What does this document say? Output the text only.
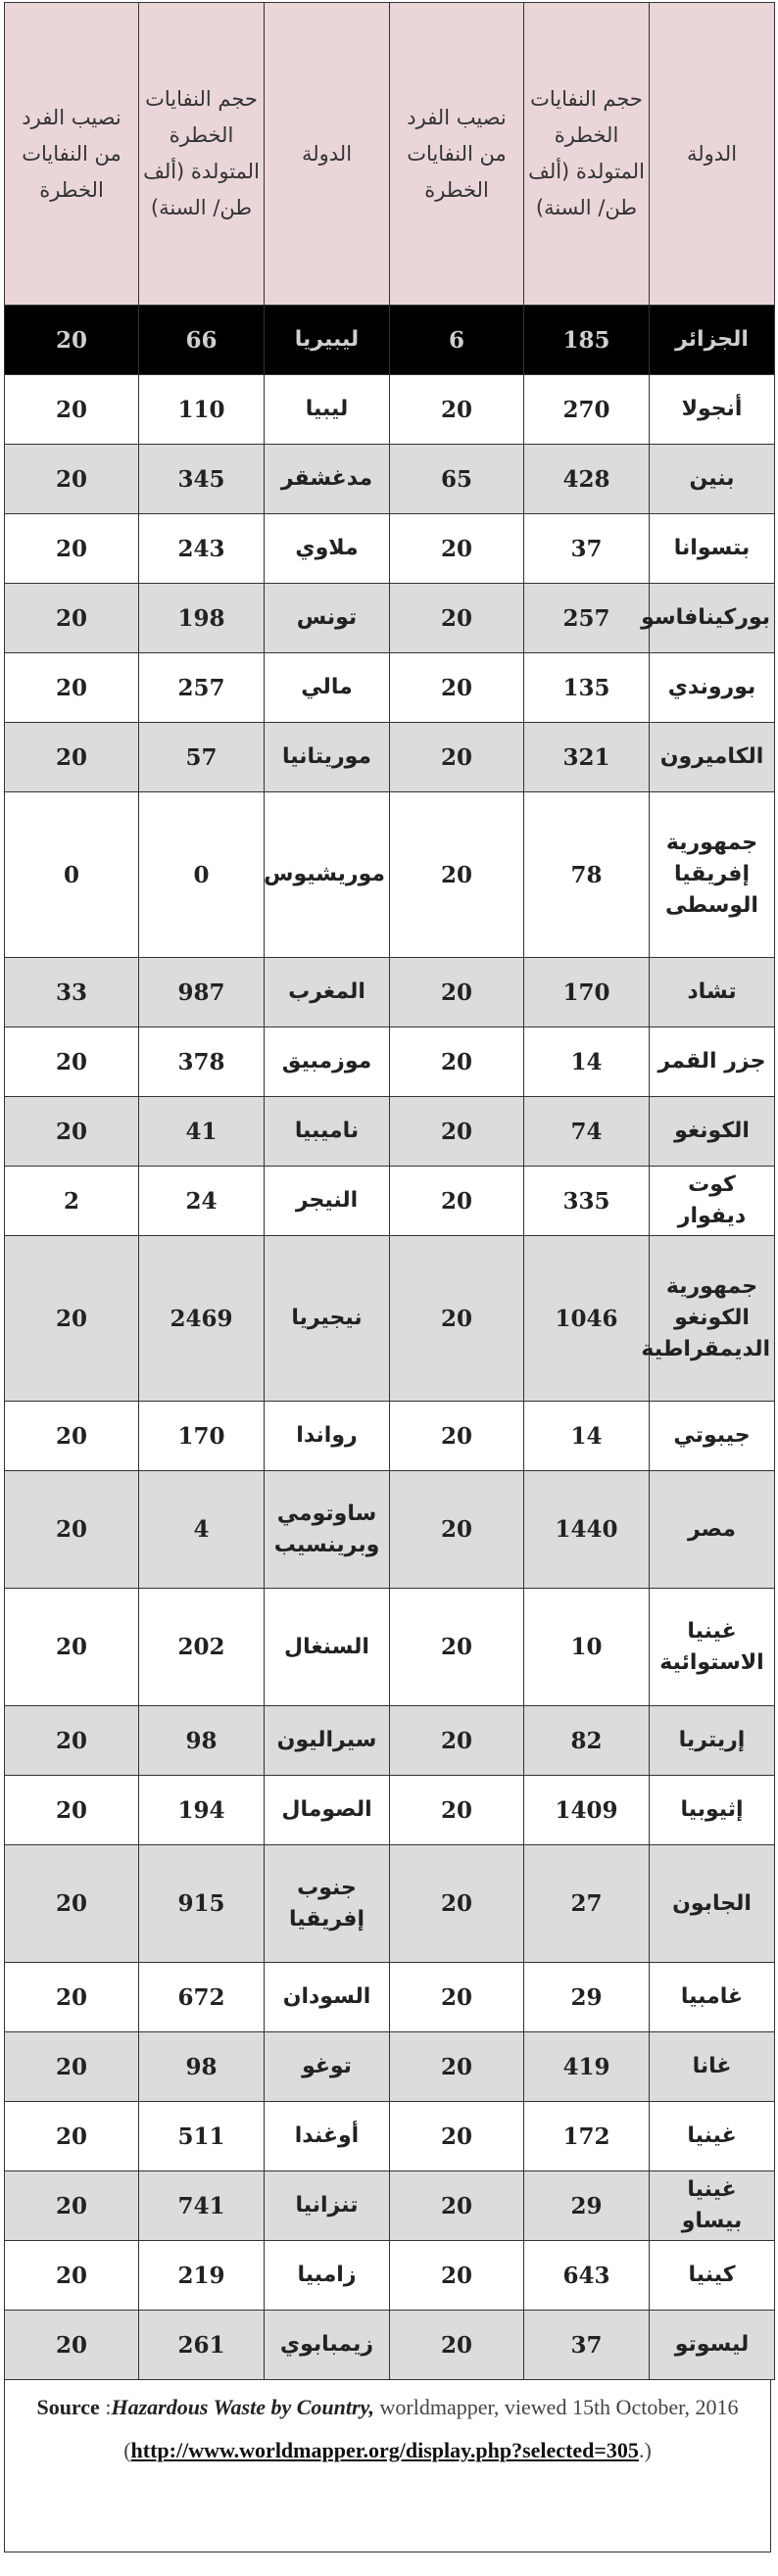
الدولة	حجم النفايات الخطرة المتولدة (ألف طن/ السنة)	نصيب الفرد من النفايات الخطرة	الدولة	حجم النفايات الخطرة المتولدة (ألف طن/ السنة)	نصيب الفرد من النفايات الخطرة
الجزائر	185	6	ليبيريا	66	20
أنجولا	270	20	ليبيا	110	20
بنين	428	65	مدغشقر	345	20
بتسوانا	37	20	ملاوي	243	20
بوركينافاسو	257	20	تونس	198	20
بوروندي	135	20	مالي	257	20
الكاميرون	321	20	موريتانيا	57	20
جمهورية إفريقيا الوسطى	78	20	موريشيوس	0	0
تشاد	170	20	المغرب	987	33
جزر القمر	14	20	موزمبيق	378	20
الكونغو	74	20	ناميبيا	41	20
كوت ديفوار	335	20	النيجر	24	2
جمهورية الكونغو الديمقراطية	1046	20	نيجيريا	2469	20
جيبوتي	14	20	رواندا	170	20
مصر	1440	20	ساوتومي وبرينسيب	4	20
غينيا الاستوائية	10	20	السنغال	202	20
إريتريا	82	20	سيراليون	98	20
إثيوبيا	1409	20	الصومال	194	20
الجابون	27	20	جنوب إفريقيا	915	20
غامبيا	29	20	السودان	672	20
غانا	419	20	توغو	98	20
غينيا	172	20	أوغندا	511	20
غينيا بيساو	29	20	تنزانيا	741	20
كينيا	643	20	زامبيا	219	20
ليسوتو	37	20	زيمبابوي	261	20
Source :Hazardous Waste by Country, worldmapper, viewed 15th October, 2016 (http://www.worldmapper.org/display.php?selected=305.)
